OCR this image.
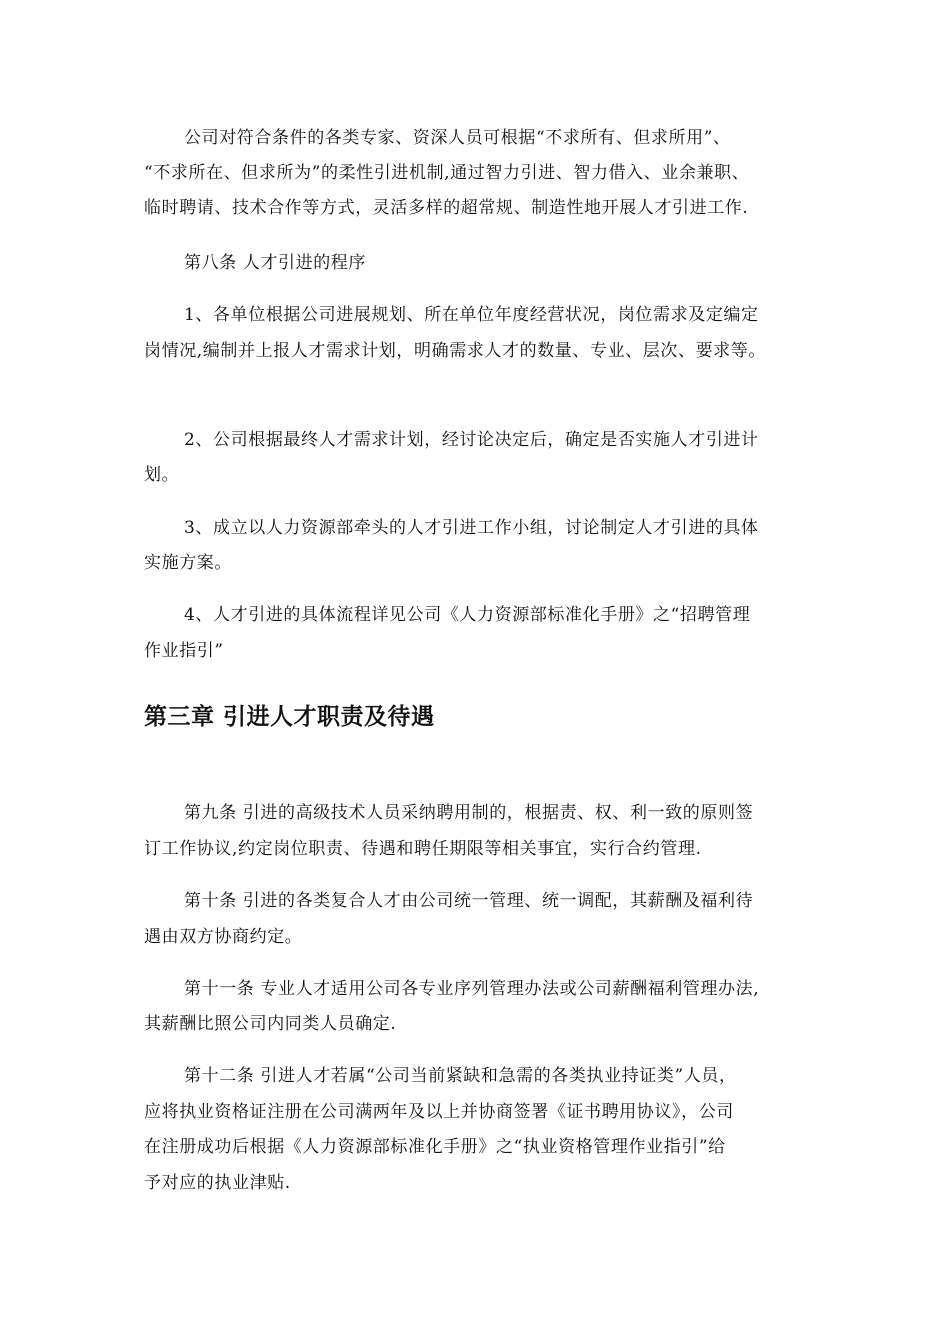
公司对符合条件的各类专家、资深人员可根据“不求所有、但求所用”、
“不求所在、但求所为”的柔性引进机制,通过智力引进、智力借入、业余兼职、
临时聘请、技术合作等方式，灵活多样的超常规、制造性地开展人才引进工作.
第八条 人才引进的程序
1、各单位根据公司进展规划、所在单位年度经营状况，岗位需求及定编定
岗情况,编制并上报人才需求计划，明确需求人才的数量、专业、层次、要求等。
2、公司根据最终人才需求计划，经讨论决定后，确定是否实施人才引进计
划。
3、成立以人力资源部牵头的人才引进工作小组，讨论制定人才引进的具体
实施方案。
4、人才引进的具体流程详见公司《人力资源部标准化手册》之“招聘管理
作业指引”
第三章 引进人才职责及待遇
第九条 引进的高级技术人员采纳聘用制的，根据责、权、利一致的原则签
订工作协议,约定岗位职责、待遇和聘任期限等相关事宜，实行合约管理.
第十条 引进的各类复合人才由公司统一管理、统一调配，其薪酬及福利待
遇由双方协商约定。
第十一条 专业人才适用公司各专业序列管理办法或公司薪酬福利管理办法,
其薪酬比照公司内同类人员确定.
第十二条 引进人才若属“公司当前紧缺和急需的各类执业持证类”人员，
应将执业资格证注册在公司满两年及以上并协商签署《证书聘用协议》，公司
在注册成功后根据《人力资源部标准化手册》之“执业资格管理作业指引”给
予对应的执业津贴.
